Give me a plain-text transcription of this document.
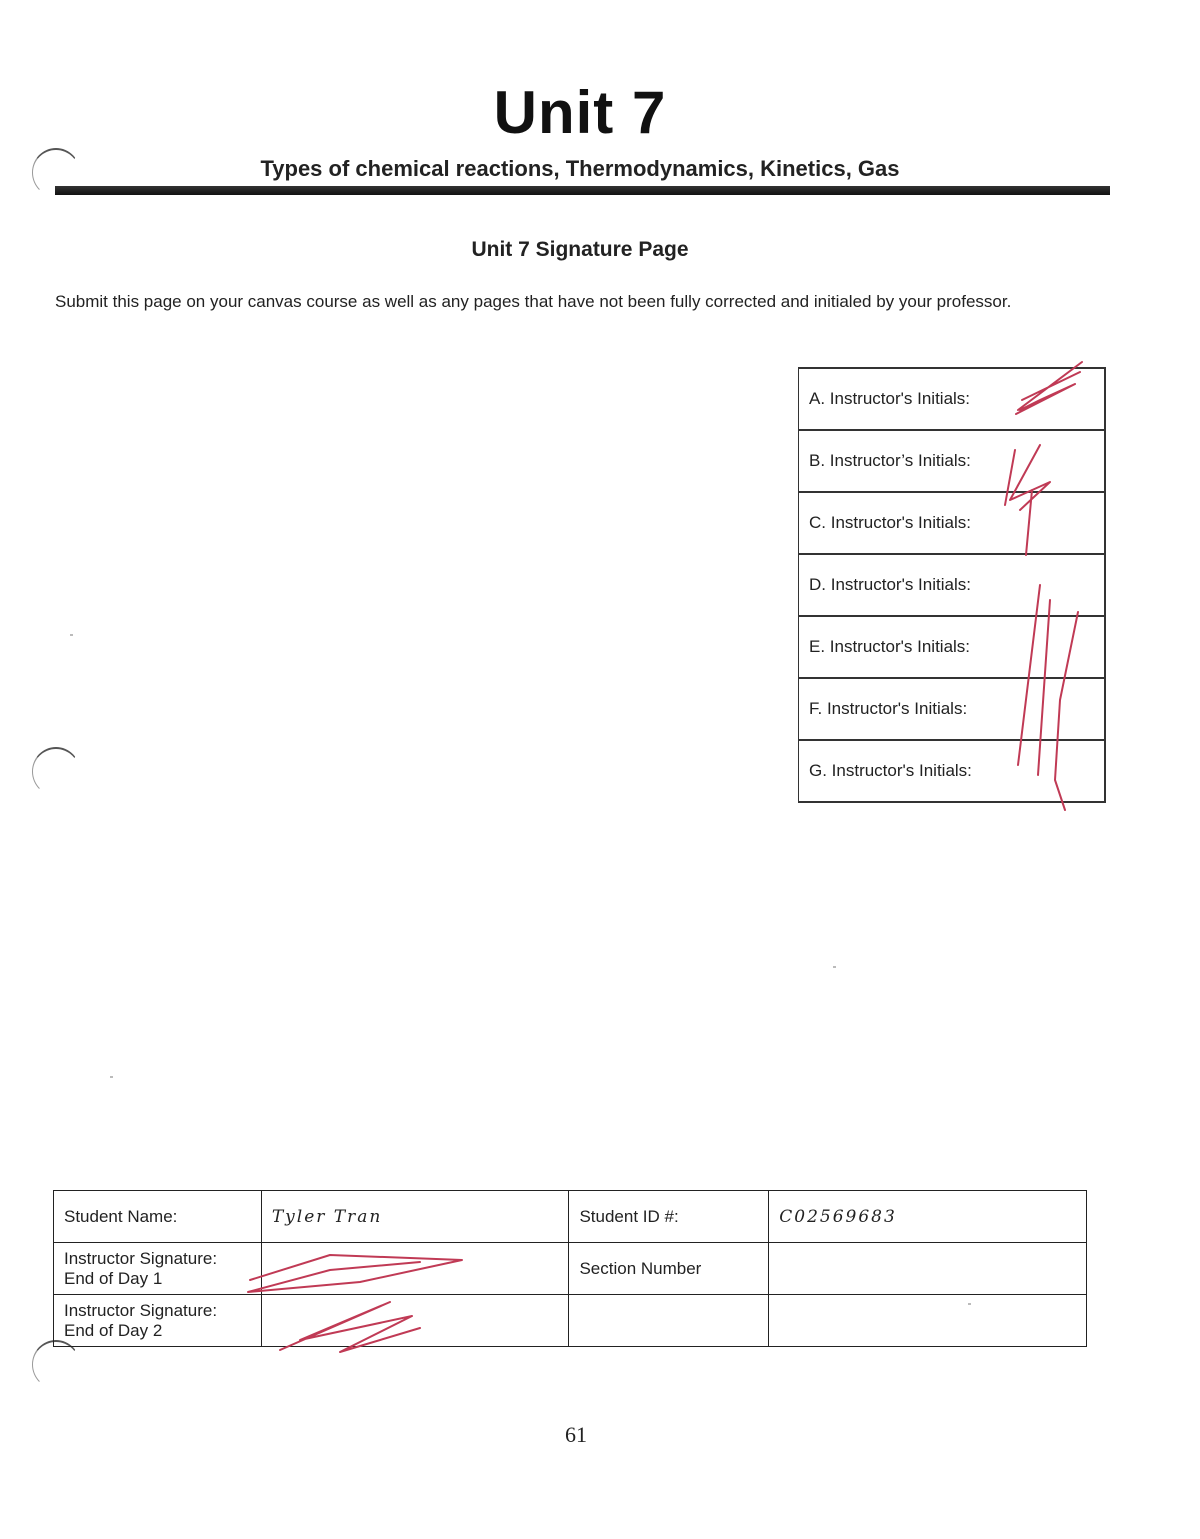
Unit 7
Types of chemical reactions, Thermodynamics, Kinetics, Gas
Unit 7 Signature Page
Submit this page on your canvas course as well as any pages that have not been fully corrected and initialed by your professor.
A. Instructor's Initials:
B. Instructor’s Initials:
C. Instructor's Initials:
D. Instructor's Initials:
E. Instructor's Initials:
F. Instructor's Initials:
G. Instructor's Initials:
Student Name:	Tyler Tran	Student ID #:	C02569683
Instructor Signature:
End of Day 1		Section Number	
Instructor Signature:
End of Day 2			
61
